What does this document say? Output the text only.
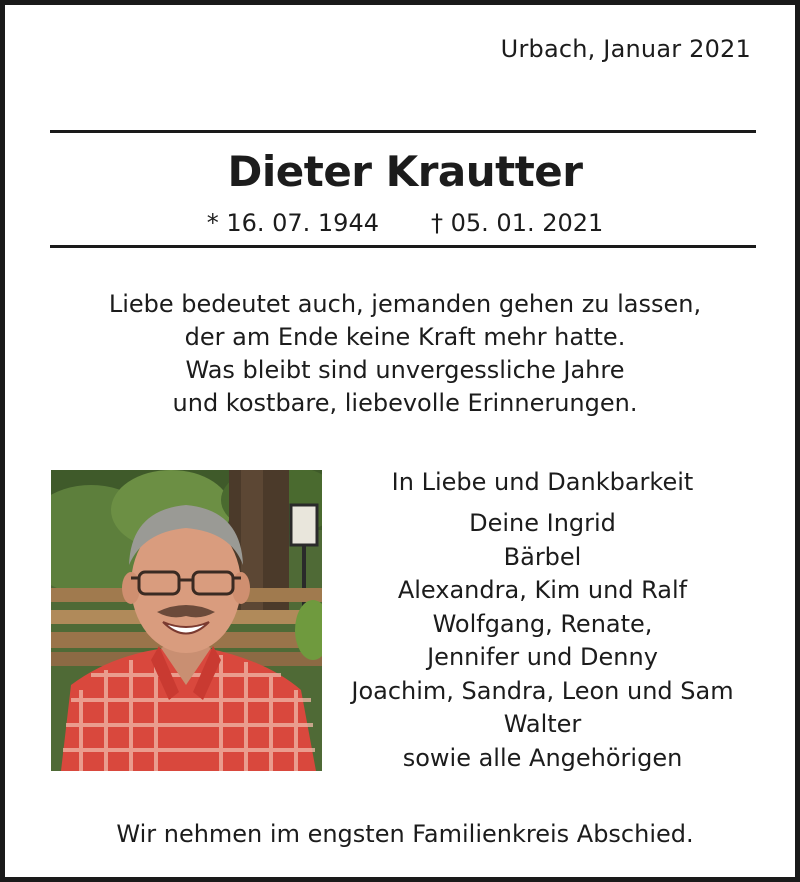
Urbach, Januar 2021
Dieter Krautter
* 16. 07. 1944 † 05. 01. 2021
Liebe bedeutet auch, jemanden gehen zu lassen,
der am Ende keine Kraft mehr hatte.
Was bleibt sind unvergessliche Jahre
und kostbare, liebevolle Erinnerungen.
In Liebe und Dankbarkeit
Deine Ingrid
Bärbel
Alexandra, Kim und Ralf
Wolfgang, Renate,
Jennifer und Denny
Joachim, Sandra, Leon und Sam
Walter
sowie alle Angehörigen
Wir nehmen im engsten Familienkreis Abschied.
